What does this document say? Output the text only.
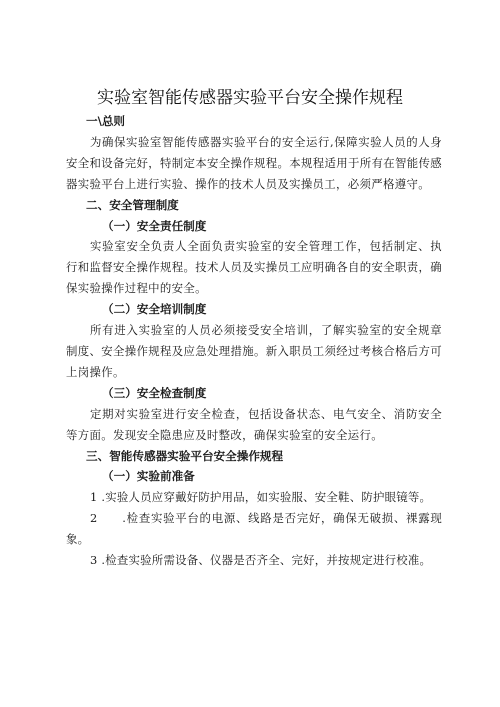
实验室智能传感器实验平台安全操作规程

一\总则

为确保实验室智能传感器实验平台的安全运行,保障实验人员的人身安全和设备完好，特制定本安全操作规程。本规程适用于所有在智能传感器实验平台上进行实验、操作的技术人员及实操员工，必须严格遵守。

二、安全管理制度

（一）安全责任制度

实验室安全负责人全面负责实验室的安全管理工作，包括制定、执行和监督安全操作规程。技术人员及实操员工应明确各自的安全职责，确保实验操作过程中的安全。

（二）安全培训制度

所有进入实验室的人员必须接受安全培训，了解实验室的安全规章制度、安全操作规程及应急处理措施。新入职员工须经过考核合格后方可上岗操作。

（三）安全检查制度

定期对实验室进行安全检查，包括设备状态、电气安全、消防安全等方面。发现安全隐患应及时整改，确保实验室的安全运行。

三、智能传感器实验平台安全操作规程

（一）实验前准备

1 .实验人员应穿戴好防护用品，如实验服、安全鞋、防护眼镜等。

2　　.检查实验平台的电源、线路是否完好，确保无破损、裸露现象。

3 .检查实验所需设备、仪器是否齐全、完好，并按规定进行校准。
